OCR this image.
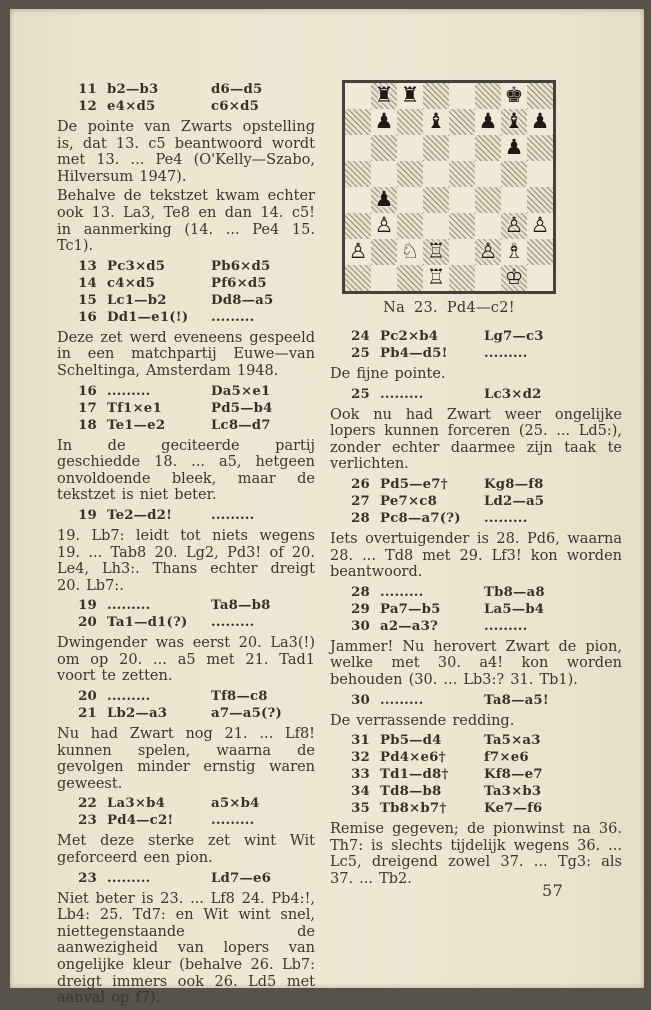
11 b2—b3	d6—d5
12 e4×d5	c6×d5

De pointe van Zwarts opstelling is, dat 13. c5 beantwoord wordt met 13. ... Pe4 (O'Kelly—Szabo, Hilversum 1947).

Behalve de tekstzet kwam echter ook 13. La3, Te8 en dan 14. c5! in aanmerking (14. ... Pe4 15. Tc1).

13 Pc3×d5	Pb6×d5
14 c4×d5	Pf6×d5
15 Lc1—b2	Dd8—a5
16 Dd1—e1(!)	.........

Deze zet werd eveneens gespeeld in een matchpartij Euwe—van Scheltinga, Amsterdam 1948.

16 .........	Da5×e1
17 Tf1×e1	Pd5—b4
18 Te1—e2	Lc8—d7

In de geciteerde partij geschiedde 18. ... a5, hetgeen onvoldoende bleek, maar de tekstzet is niet beter.

19 Te2—d2!	.........

19. Lb7: leidt tot niets wegens 19. ... Tab8 20. Lg2, Pd3! of 20. Le4, Lh3:. Thans echter dreigt 20. Lb7:.

19 .........	Ta8—b8
20 Ta1—d1(?)	.........

Dwingender was eerst 20. La3(!) om op 20. ... a5 met 21. Tad1 voort te zetten.

20 .........	Tf8—c8
21 Lb2—a3	a7—a5(?)

Nu had Zwart nog 21. ... Lf8! kunnen spelen, waarna de gevolgen minder ernstig waren geweest.

22 La3×b4	a5×b4
23 Pd4—c2!	.........

Met deze sterke zet wint Wit geforceerd een pion.

23 .........	Ld7—e6

Niet beter is 23. ... Lf8 24. Pb4:!, Lb4: 25. Td7: en Wit wint snel, niettegenstaande de aanwezigheid van lopers van ongelijke kleur (behalve 26. Lb7: dreigt immers ook 26. Ld5 met aanval op f7).

♜ ♜	♚
♟ ♝ ♟ ♝ ♟
♟
♟
♙	♙ ♙
♙ ♘ ♖ ♙ ♗
♖	♔
Na 23. Pd4—c2!
24 Pc2×b4	Lg7—c3
25 Pb4—d5!	.........

De fijne pointe.

25 .........	Lc3×d2

Ook nu had Zwart weer ongelijke lopers kunnen forceren (25. ... Ld5:), zonder echter daarmee zijn taak te verlichten.

26 Pd5—e7†	Kg8—f8
27 Pe7×c8	Ld2—a5
28 Pc8—a7(?)	.........

Iets overtuigender is 28. Pd6, waarna 28. ... Td8 met 29. Lf3! kon worden beantwoord.

28 .........	Tb8—a8
29 Pa7—b5	La5—b4
30 a2—a3?	.........

Jammer! Nu herovert Zwart de pion, welke met 30. a4! kon worden behouden (30. ... Lb3:? 31. Tb1).

30 .........	Ta8—a5!

De verrassende redding.

31 Pb5—d4	Ta5×a3
32 Pd4×e6†	f7×e6
33 Td1—d8†	Kf8—e7
34 Td8—b8	Ta3×b3
35 Tb8×b7†	Ke7—f6

Remise gegeven; de pionwinst na 36. Th7: is slechts tijdelijk wegens 36. ... Lc5, dreigend zowel 37. ... Tg3: als 37. ... Tb2.

57
